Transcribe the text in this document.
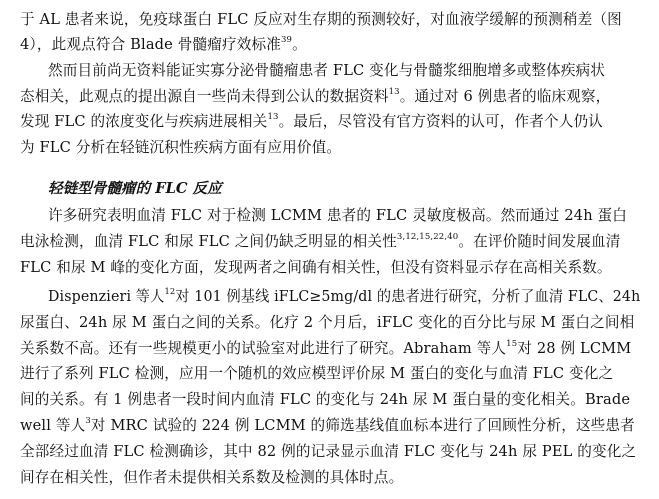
于 AL 患者来说，免疫球蛋白 FLC 反应对生存期的预测较好，对血液学缓解的预测稍差（图
4），此观点符合 Blade 骨髓瘤疗效标准$^{39}$。
然而目前尚无资料能证实寡分泌骨髓瘤患者 FLC 变化与骨髓浆细胞增多或整体疾病状
态相关，此观点的提出源自一些尚未得到公认的数据资料$^{13}$。通过对 6 例患者的临床观察，
发现 FLC 的浓度变化与疾病进展相关$^{13}$。最后，尽管没有官方资料的认可，作者个人仍认
为 FLC 分析在轻链沉积性疾病方面有应用价值。
轻链型骨髓瘤的 FLC 反应
许多研究表明血清 FLC 对于检测 LCMM 患者的 FLC 灵敏度极高。然而通过 24h 蛋白
电泳检测，血清 FLC 和尿 FLC 之间仍缺乏明显的相关性$^{3,12,15,22,40}$。在评价随时间发展血清
FLC 和尿 M 峰的变化方面，发现两者之间确有相关性，但没有资料显示存在高相关系数。
Dispenzieri 等人$^{12}$对 101 例基线 iFLC≥5mg/dl 的患者进行研究，分析了血清 FLC、24h
尿蛋白、24h 尿 M 蛋白之间的关系。化疗 2 个月后，iFLC 变化的百分比与尿 M 蛋白之间相
关系数不高。还有一些规模更小的试验室对此进行了研究。Abraham 等人$^{15}$对 28 例 LCMM
进行了系列 FLC 检测，应用一个随机的效应模型评价尿 M 蛋白的变化与血清 FLC 变化之
间的关系。有 1 例患者一段时间内血清 FLC 的变化与 24h 尿 M 蛋白量的变化相关。Brade
well 等人$^3$对 MRC 试验的 224 例 LCMM 的筛选基线值血标本进行了回顾性分析，这些患者
全部经过血清 FLC 检测确诊，其中 82 例的记录显示血清 FLC 变化与 24h 尿 PEL 的变化之
间存在相关性，但作者未提供相关系数及检测的具体时点。
